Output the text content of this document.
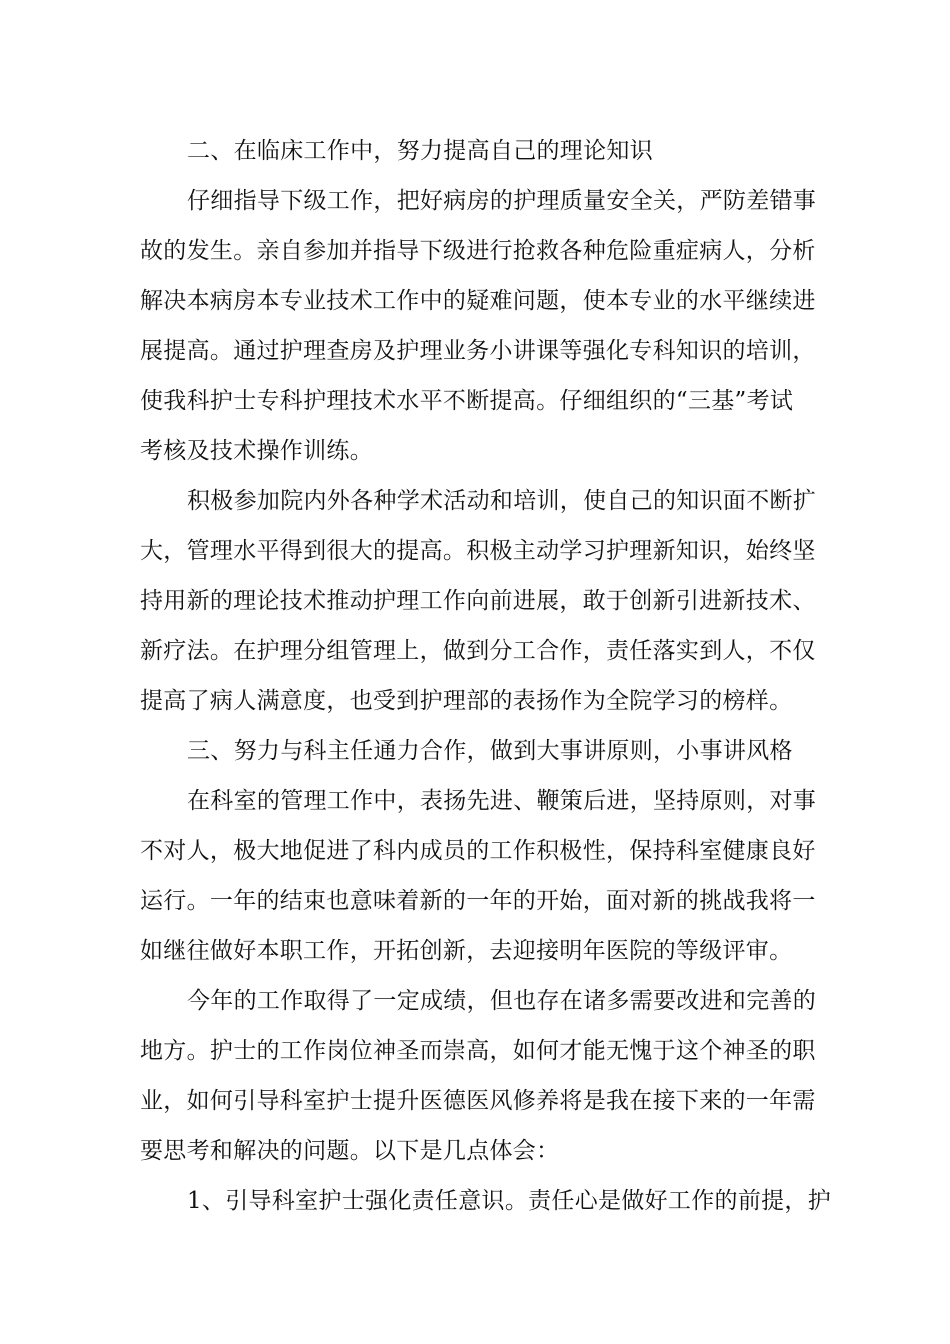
二、在临床工作中，努力提高自己的理论知识
仔细指导下级工作，把好病房的护理质量安全关，严防差错事
故的发生。亲自参加并指导下级进行抢救各种危险重症病人，分析
解决本病房本专业技术工作中的疑难问题，使本专业的水平继续进
展提高。通过护理查房及护理业务小讲课等强化专科知识的培训，
使我科护士专科护理技术水平不断提高。仔细组织的“三基”考试
考核及技术操作训练。
积极参加院内外各种学术活动和培训，使自己的知识面不断扩
大，管理水平得到很大的提高。积极主动学习护理新知识，始终坚
持用新的理论技术推动护理工作向前进展，敢于创新引进新技术、
新疗法。在护理分组管理上，做到分工合作，责任落实到人，不仅
提高了病人满意度，也受到护理部的表扬作为全院学习的榜样。
三、努力与科主任通力合作，做到大事讲原则，小事讲风格
在科室的管理工作中，表扬先进、鞭策后进，坚持原则，对事
不对人，极大地促进了科内成员的工作积极性，保持科室健康良好
运行。一年的结束也意味着新的一年的开始，面对新的挑战我将一
如继往做好本职工作，开拓创新，去迎接明年医院的等级评审。
今年的工作取得了一定成绩，但也存在诸多需要改进和完善的
地方。护士的工作岗位神圣而崇高，如何才能无愧于这个神圣的职
业，如何引导科室护士提升医德医风修养将是我在接下来的一年需
要思考和解决的问题。以下是几点体会：
1、引导科室护士强化责任意识。责任心是做好工作的前提，护
